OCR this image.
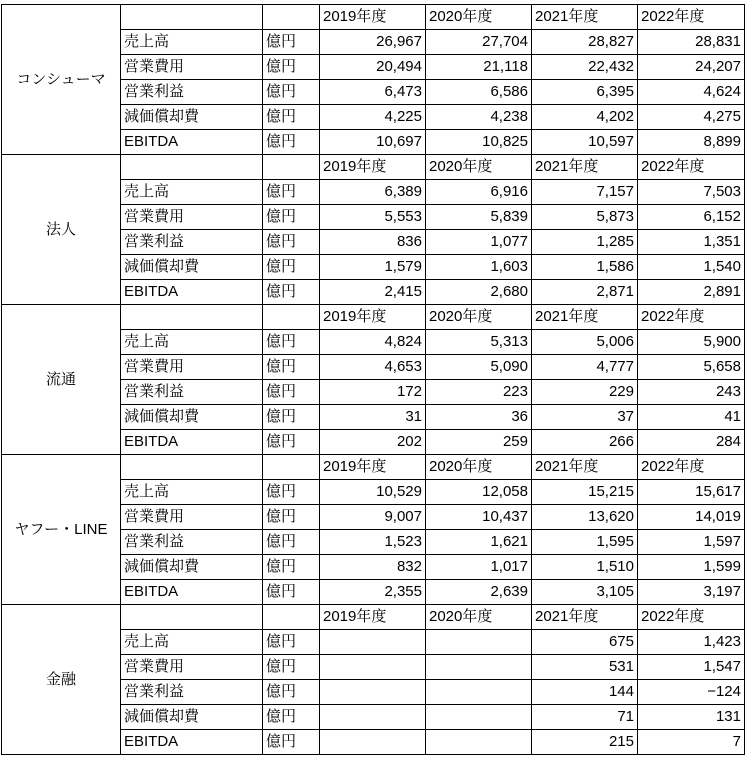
コンシューマ			2019年度	2020年度	2021年度	2022年度
	売上高	億円	26,967	27,704	28,827	28,831
	営業費用	億円	20,494	21,118	22,432	24,207
	営業利益	億円	6,473	6,586	6,395	4,624
	減価償却費	億円	4,225	4,238	4,202	4,275
	EBITDA	億円	10,697	10,825	10,597	8,899
法人			2019年度	2020年度	2021年度	2022年度
	売上高	億円	6,389	6,916	7,157	7,503
	営業費用	億円	5,553	5,839	5,873	6,152
	営業利益	億円	836	1,077	1,285	1,351
	減価償却費	億円	1,579	1,603	1,586	1,540
	EBITDA	億円	2,415	2,680	2,871	2,891
流通			2019年度	2020年度	2021年度	2022年度
	売上高	億円	4,824	5,313	5,006	5,900
	営業費用	億円	4,653	5,090	4,777	5,658
	営業利益	億円	172	223	229	243
	減価償却費	億円	31	36	37	41
	EBITDA	億円	202	259	266	284
ヤフー・LINE			2019年度	2020年度	2021年度	2022年度
	売上高	億円	10,529	12,058	15,215	15,617
	営業費用	億円	9,007	10,437	13,620	14,019
	営業利益	億円	1,523	1,621	1,595	1,597
	減価償却費	億円	832	1,017	1,510	1,599
	EBITDA	億円	2,355	2,639	3,105	3,197
金融			2019年度	2020年度	2021年度	2022年度
	売上高	億円			675	1,423
	営業費用	億円			531	1,547
	営業利益	億円			144	−124
	減価償却費	億円			71	131
	EBITDA	億円			215	7
